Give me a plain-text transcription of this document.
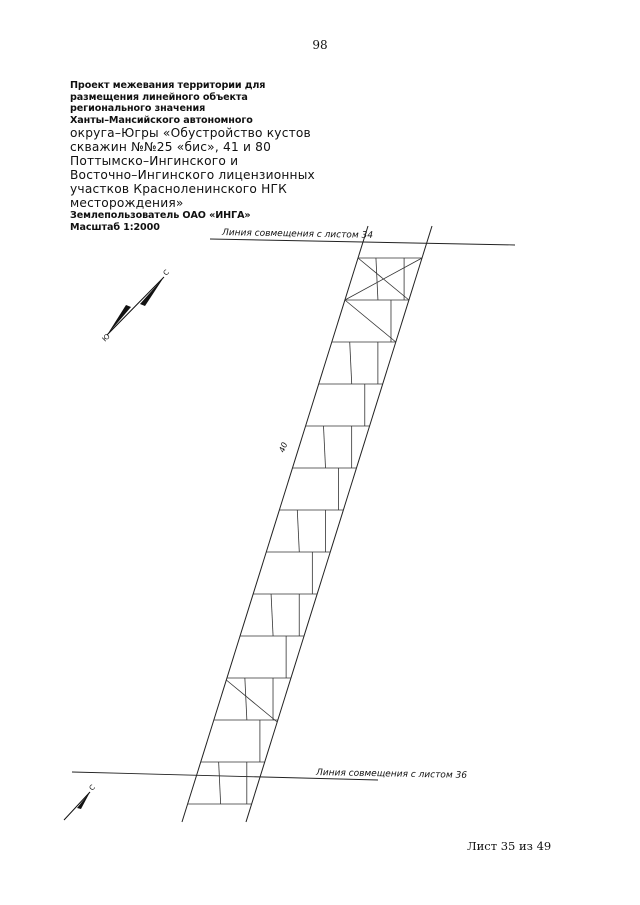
98
Проект межевания территории для
размещения линейного объекта
регионального значения
Ханты–Мансийского автономного
округа–Югры «Обустройство кустов
скважин №№25 «бис», 41 и 80
Поттымско–Ингинского и
Восточно–Ингинского лицензионных
участков Красноленинского НГК
месторождения»
Землепользователь ОАО «ИНГА»
Масштаб 1:2000
Линия совмещения с листом 34
Линия совмещения с листом 36
40
С
Ю
С
Лист 35 из 49
